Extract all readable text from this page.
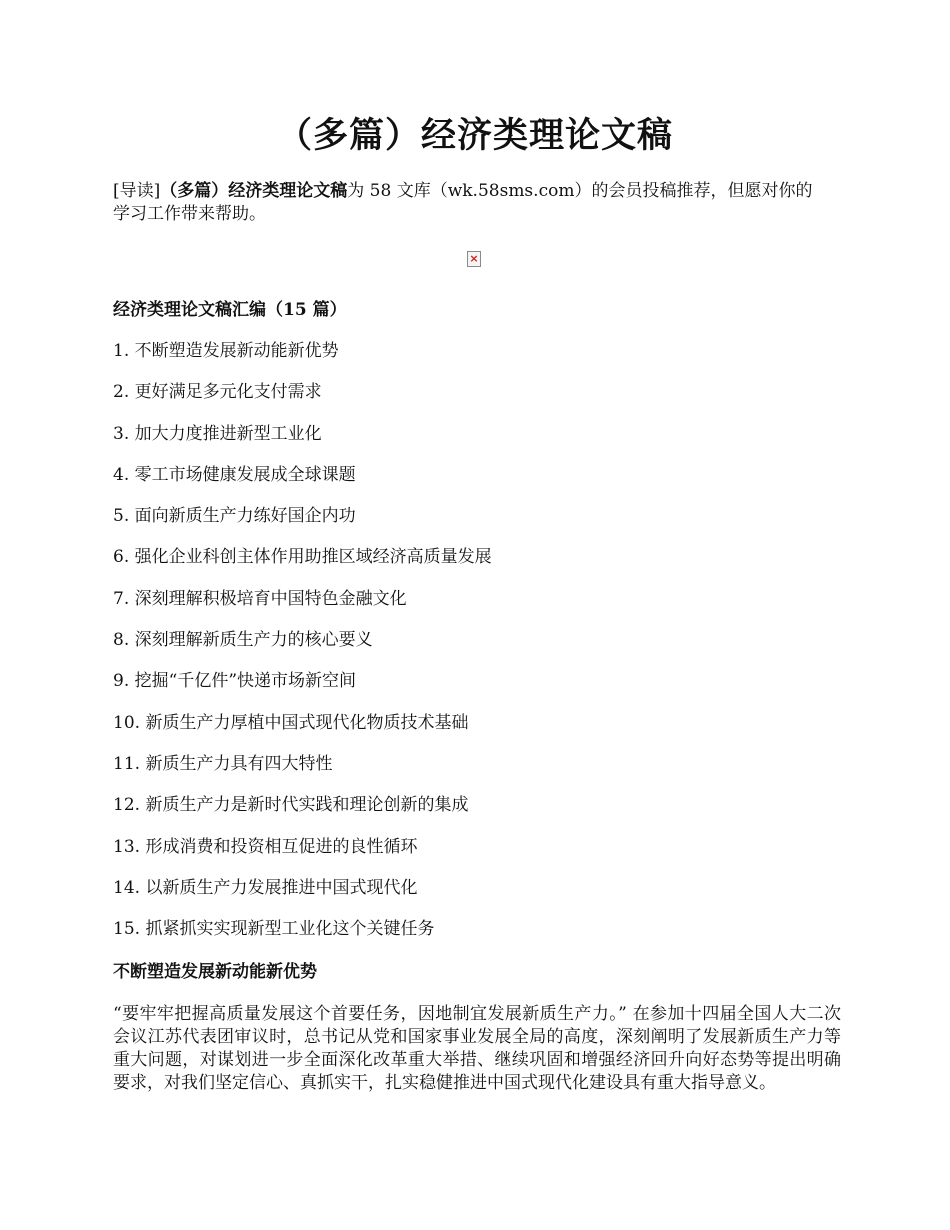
（多篇）经济类理论文稿
[导读]（多篇）经济类理论文稿为 58 文库（wk.58sms.com）的会员投稿推荐，但愿对你的学习工作带来帮助。
×
经济类理论文稿汇编（15 篇）
1. 不断塑造发展新动能新优势
2. 更好满足多元化支付需求
3. 加大力度推进新型工业化
4. 零工市场健康发展成全球课题
5. 面向新质生产力练好国企内功
6. 强化企业科创主体作用助推区域经济高质量发展
7. 深刻理解积极培育中国特色金融文化
8. 深刻理解新质生产力的核心要义
9. 挖掘“千亿件”快递市场新空间
10. 新质生产力厚植中国式现代化物质技术基础
11. 新质生产力具有四大特性
12. 新质生产力是新时代实践和理论创新的集成
13. 形成消费和投资相互促进的良性循环
14. 以新质生产力发展推进中国式现代化
15. 抓紧抓实实现新型工业化这个关键任务
不断塑造发展新动能新优势
“要牢牢把握高质量发展这个首要任务，因地制宜发展新质生产力。” 在参加十四届全国人大二次会议江苏代表团审议时，总书记从党和国家事业发展全局的高度，深刻阐明了发展新质生产力等重大问题，对谋划进一步全面深化改革重大举措、继续巩固和增强经济回升向好态势等提出明确要求，对我们坚定信心、真抓实干，扎实稳健推进中国式现代化建设具有重大指导意义。
